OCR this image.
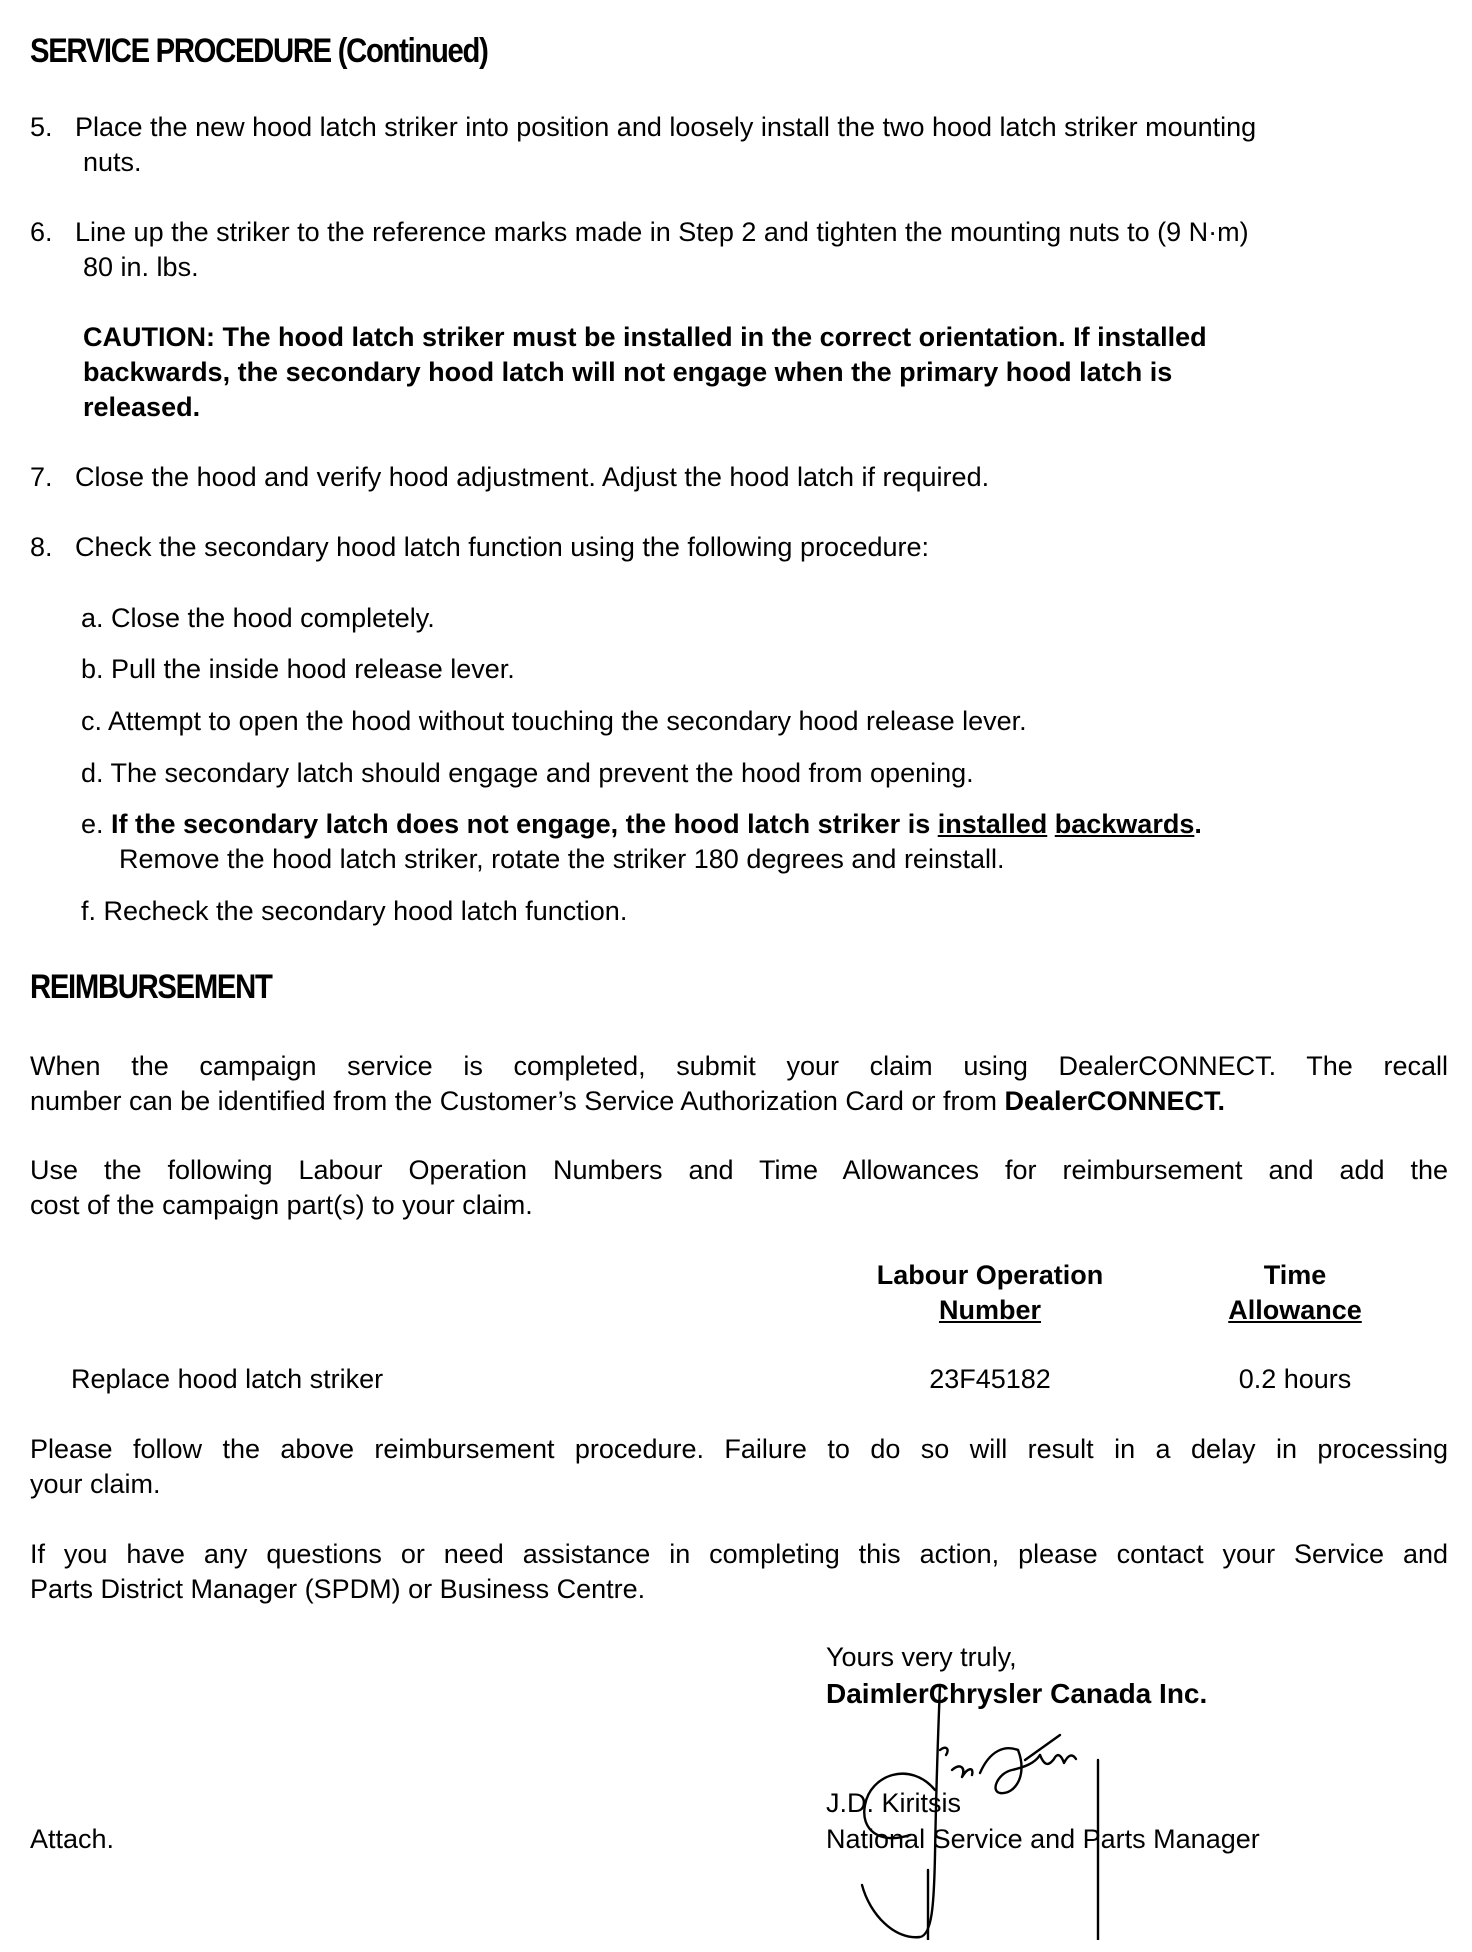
SERVICE PROCEDURE (Continued)
5. Place the new hood latch striker into position and loosely install the two hood latch striker mounting
nuts.
6. Line up the striker to the reference marks made in Step 2 and tighten the mounting nuts to (9 N·m)
80 in. lbs.
CAUTION: The hood latch striker must be installed in the correct orientation. If installed
backwards, the secondary hood latch will not engage when the primary hood latch is
released.
7. Close the hood and verify hood adjustment. Adjust the hood latch if required.
8. Check the secondary hood latch function using the following procedure:
a. Close the hood completely.
b. Pull the inside hood release lever.
c. Attempt to open the hood without touching the secondary hood release lever.
d. The secondary latch should engage and prevent the hood from opening.
e. If the secondary latch does not engage, the hood latch striker is installed backwards.
Remove the hood latch striker, rotate the striker 180 degrees and reinstall.
f. Recheck the secondary hood latch function.
REIMBURSEMENT
When the campaign service is completed, submit your claim using DealerCONNECT. The recall
number can be identified from the Customer’s Service Authorization Card or from DealerCONNECT.
Use the following Labour Operation Numbers and Time Allowances for reimbursement and add the
cost of the campaign part(s) to your claim.
Labour Operation
Number
Time
Allowance
Replace hood latch striker	23F45182	0.2 hours
Please follow the above reimbursement procedure. Failure to do so will result in a delay in processing
your claim.
If you have any questions or need assistance in completing this action, please contact your Service and
Parts District Manager (SPDM) or Business Centre.
Yours very truly,
DaimlerChrysler Canada Inc.
J.D. Kiritsis
National Service and Parts Manager
Attach.
